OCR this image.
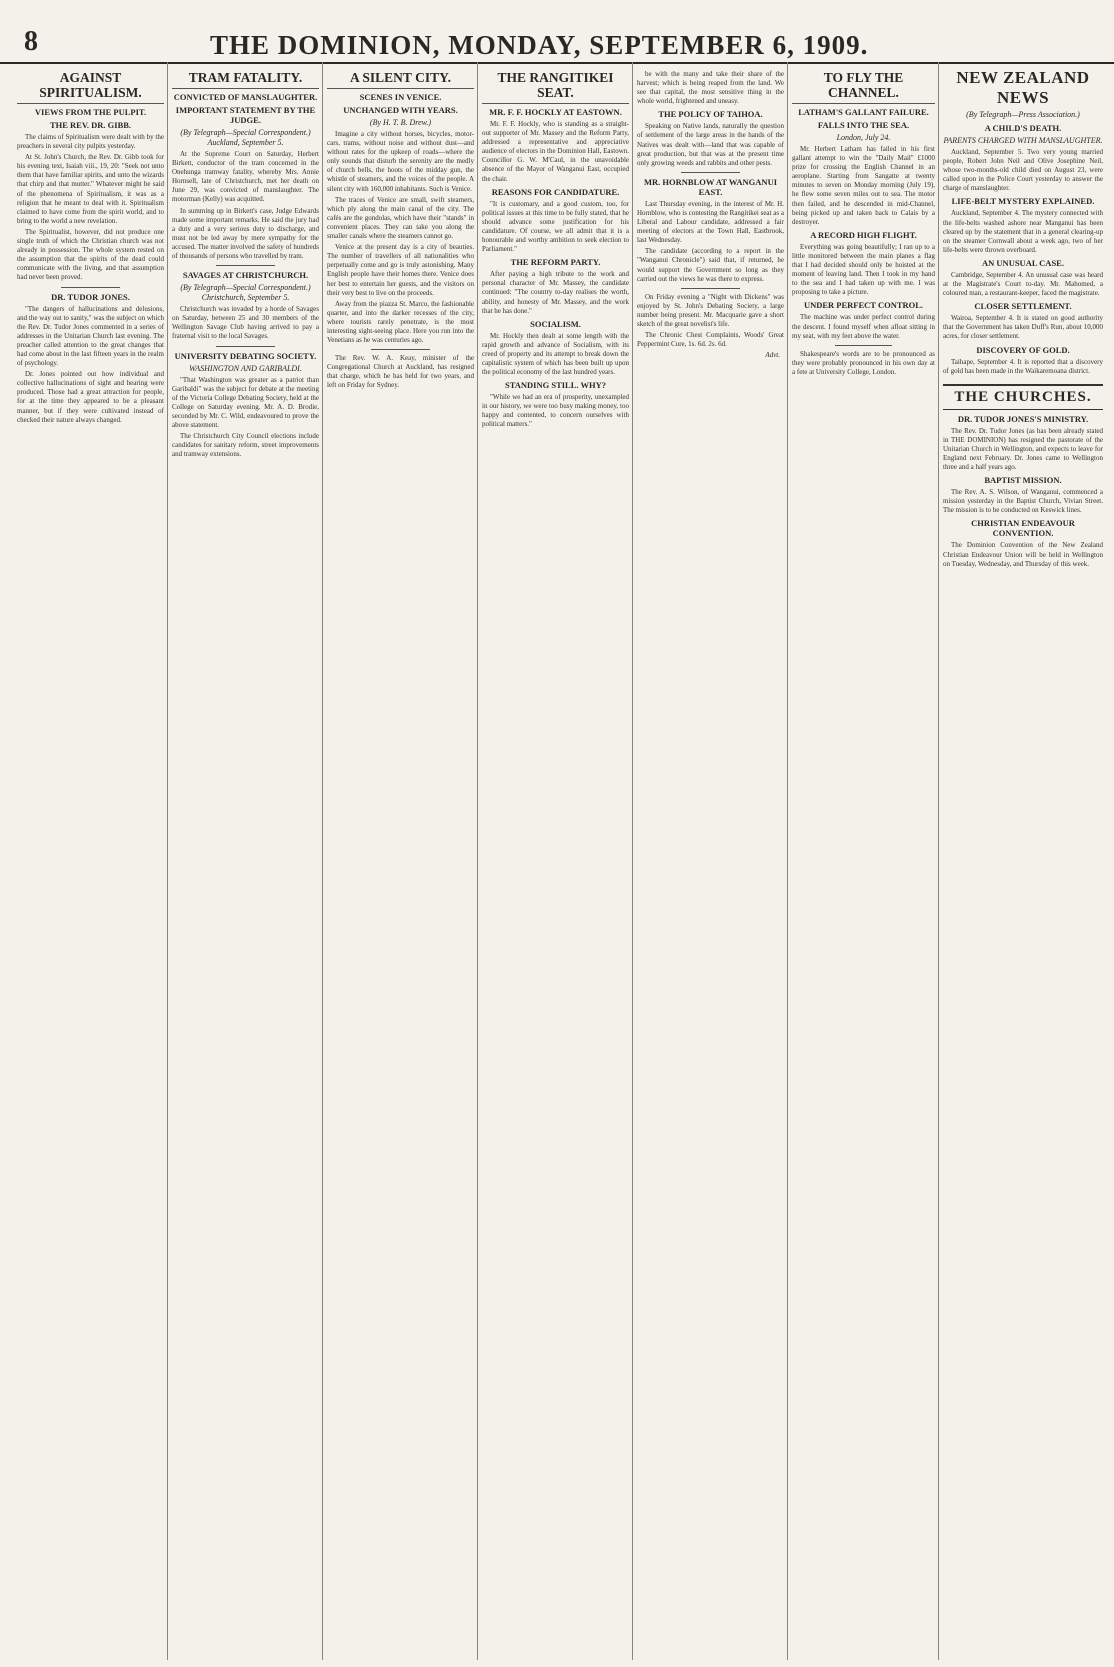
8	THE DOMINION, MONDAY, SEPTEMBER 6, 1909.
AGAINST SPIRITUALISM.
VIEWS FROM THE PULPIT.
THE REV. DR. GIBB.

The claims of Spiritualism were dealt with by the preachers in several city pulpits yesterday.

At St. John's Church, the Rev. Dr. Gibb took for his evening text, Isaiah viii., 19, 20: "Seek not unto them that have familiar spirits, and unto the wizards that chirp and that mutter." Whatever might be said of the phenomena of Spiritualism, it was as a religion that he meant to deal with it. Spiritualism claimed to have come from the spirit world, and to bring to the world a new revelation.

The Spiritualist, however, did not produce one single truth of which the Christian church was not already in possession. The whole system rested on the assumption that the spirits of the dead could communicate with the living, and that assumption had never been proved.

DR. TUDOR JONES.

"The dangers of hallucinations and delusions, and the way out to sanity," was the subject on which the Rev. Dr. Tudor Jones commented in a series of addresses in the Unitarian Church last evening. The preacher called attention to the great changes that had come about in the last fifteen years in the realm of psychology.

Dr. Jones pointed out how individual and collective hallucinations of sight and hearing were produced. Those had a great attraction for people, for at the time they appeared to be a pleasant manner, but if they were cultivated instead of checked their nature always changed.

TRAM FATALITY.
CONVICTED OF MANSLAUGHTER.
IMPORTANT STATEMENT BY THE JUDGE.
(By Telegraph—Special Correspondent.) Auckland, September 5.

At the Supreme Court on Saturday, Herbert Birkett, conductor of the tram concerned in the Onehunga tramway fatality, whereby Mrs. Annie Hornsell, late of Christchurch, met her death on June 29, was convicted of manslaughter. The motorman (Kelly) was acquitted.

In summing up in Birkett's case, Judge Edwards made some important remarks. He said the jury had a duty and a very serious duty to discharge, and must not be led away by mere sympathy for the accused. The matter involved the safety of hundreds of thousands of persons who travelled by tram.

SAVAGES AT CHRISTCHURCH.
(By Telegraph—Special Correspondent.) Christchurch, September 5.

Christchurch was invaded by a horde of Savages on Saturday, between 25 and 30 members of the Wellington Savage Club having arrived to pay a fraternal visit to the local Savages.

UNIVERSITY DEBATING SOCIETY.
WASHINGTON AND GARIBALDI.

"That Washington was greater as a patriot than Garibaldi" was the subject for debate at the meeting of the Victoria College Debating Society, held at the College on Saturday evening. Mr. A. D. Brodie, seconded by Mr. C. Wild, endeavoured to prove the above statement.

The Christchurch City Council elections include candidates for sanitary reform, street improvements and tramway extensions.

A SILENT CITY.
SCENES IN VENICE.
UNCHANGED WITH YEARS.
(By H. T. B. Drew.)

Imagine a city without horses, bicycles, motor-cars, trams, without noise and without dust—and without rates for the upkeep of roads—where the only sounds that disturb the serenity are the medly of church bells, the hoots of the midday gun, the whistle of steamers, and the voices of the people. A silent city with 160,000 inhabitants. Such is Venice.

The traces of Venice are small, swift steamers, which ply along the main canal of the city. The cafés are the gondolas, which have their "stands" in convenient places. They can take you along the smaller canals where the steamers cannot go.

Venice at the present day is a city of beauties. The number of travellers of all nationalities who perpetually come and go is truly astonishing. Many English people have their homes there. Venice does her best to entertain her guests, and the visitors on their very best to live on the proceeds.

Away from the piazza St. Marco, the fashionable quarter, and into the darker recesses of the city, where tourists rarely penetrate, is the most interesting sight-seeing place. Here you run into the Venetians as he was centuries ago.

The Rev. W. A. Keay, minister of the Congregational Church at Auckland, has resigned that charge, which he has held for two years, and left on Friday for Sydney.

THE RANGITIKEI SEAT.
MR. F. F. HOCKLY AT EASTOWN.

Mr. F. F. Hockly, who is standing as a straight-out supporter of Mr. Massey and the Reform Party, addressed a representative and appreciative audience of electors in the Dominion Hall, Eastown. Councillor G. W. M'Caul, in the unavoidable absence of the Mayor of Wanganui East, occupied the chair.

REASONS FOR CANDIDATURE.

"It is customary, and a good custom, too, for political issues at this time to be fully stated, that he should advance some justification for his candidature. Of course, we all admit that it is a honourable and worthy ambition to seek election to Parliament."

THE REFORM PARTY.

After paying a high tribute to the work and personal character of Mr. Massey, the candidate continued: "The country to-day realises the worth, ability, and honesty of Mr. Massey, and the work that he has done."

SOCIALISM.

Mr. Hockly then dealt at some length with the rapid growth and advance of Socialism, with its creed of property and its attempt to break down the capitalistic system of which has been built up upon the political economy of the last hundred years.

STANDING STILL. WHY?

"While we had an era of prosperity, unexampled in our history, we were too busy making money, too happy and contented, to concern ourselves with political matters."

be with the many and take their share of the harvest; which is being reaped from the land. We see that capital, the most sensitive thing in the whole world, frightened and uneasy.

THE POLICY OF TAIHOA.

Speaking on Native lands, naturally the question of settlement of the large areas in the hands of the Natives was dealt with—land that was capable of great production, but that was at the present time only growing weeds and rabbits and other pests.

MR. HORNBLOW AT WANGANUI EAST.

Last Thursday evening, in the interest of Mr. H. Hornblow, who is contesting the Rangitikei seat as a Liberal and Labour candidate, addressed a fair meeting of electors at the Town Hall, Eastbrook, last Wednesday.

The candidate (according to a report in the "Wanganui Chronicle") said that, if returned, he would support the Government so long as they carried out the views he was there to express.

On Friday evening a "Night with Dickens" was enjoyed by St. John's Debating Society, a large number being present. Mr. Macquarie gave a short sketch of the great novelist's life.

The Chronic Chest Complaints, Woods' Great Peppermint Cure, 1s. 6d. 2s. 6d.

Advt.
TO FLY THE CHANNEL.
LATHAM'S GALLANT FAILURE.
FALLS INTO THE SEA.
London, July 24.

Mr. Herbert Latham has failed in his first gallant attempt to win the "Daily Mail" £1000 prize for crossing the English Channel in an aeroplane. Starting from Sangatte at twenty minutes to seven on Monday morning (July 19), he flew some seven miles out to sea. The motor then failed, and he descended in mid-Channel, being picked up and taken back to Calais by a destroyer.

A RECORD HIGH FLIGHT.

Everything was going beautifully; I ran up to a little monitored between the main planes a flag that I had decided should only be hoisted at the moment of leaving land. Then I took in my hand to the sea and I had taken up with me. I was proposing to take a picture.

UNDER PERFECT CONTROL.

The machine was under perfect control during the descent. I found myself when afloat sitting in my seat, with my feet above the water.

Shakespeare's words are to be pronounced as they were probably pronounced in his own day at a fete at University College, London.

NEW ZEALAND NEWS
(By Telegraph—Press Association.)
A CHILD'S DEATH.
PARENTS CHARGED WITH MANSLAUGHTER.

Auckland, September 5. Two very young married people, Robert John Neil and Olive Josephine Neil, whose two-months-old child died on August 23, were called upon in the Police Court yesterday to answer the charge of manslaughter.

LIFE-BELT MYSTERY EXPLAINED.

Auckland, September 4. The mystery connected with the life-belts washed ashore near Manganui has been cleared up by the statement that in a general clearing-up on the steamer Cornwall about a week ago, two of her life-belts were thrown overboard.

AN UNUSUAL CASE.

Cambridge, September 4. An unusual case was heard at the Magistrate's Court to-day. Mr. Mahomed, a coloured man, a restaurant-keeper, faced the magistrate.

CLOSER SETTLEMENT.

Wairoa, September 4. It is stated on good authority that the Government has taken Duff's Run, about 10,000 acres, for closer settlement.

DISCOVERY OF GOLD.

Taihape, September 4. It is reported that a discovery of gold has been made in the Waikaremoana district.

THE CHURCHES.
DR. TUDOR JONES'S MINISTRY.

The Rev. Dr. Tudor Jones (as has been already stated in THE DOMINION) has resigned the pastorate of the Unitarian Church in Wellington, and expects to leave for England next February. Dr. Jones came to Wellington three and a half years ago.

BAPTIST MISSION.

The Rev. A. S. Wilson, of Wanganui, commenced a mission yesterday in the Baptist Church, Vivian Street. The mission is to be conducted on Keswick lines.

CHRISTIAN ENDEAVOUR CONVENTION.

The Dominion Convention of the New Zealand Christian Endeavour Union will be held in Wellington on Tuesday, Wednesday, and Thursday of this week.
